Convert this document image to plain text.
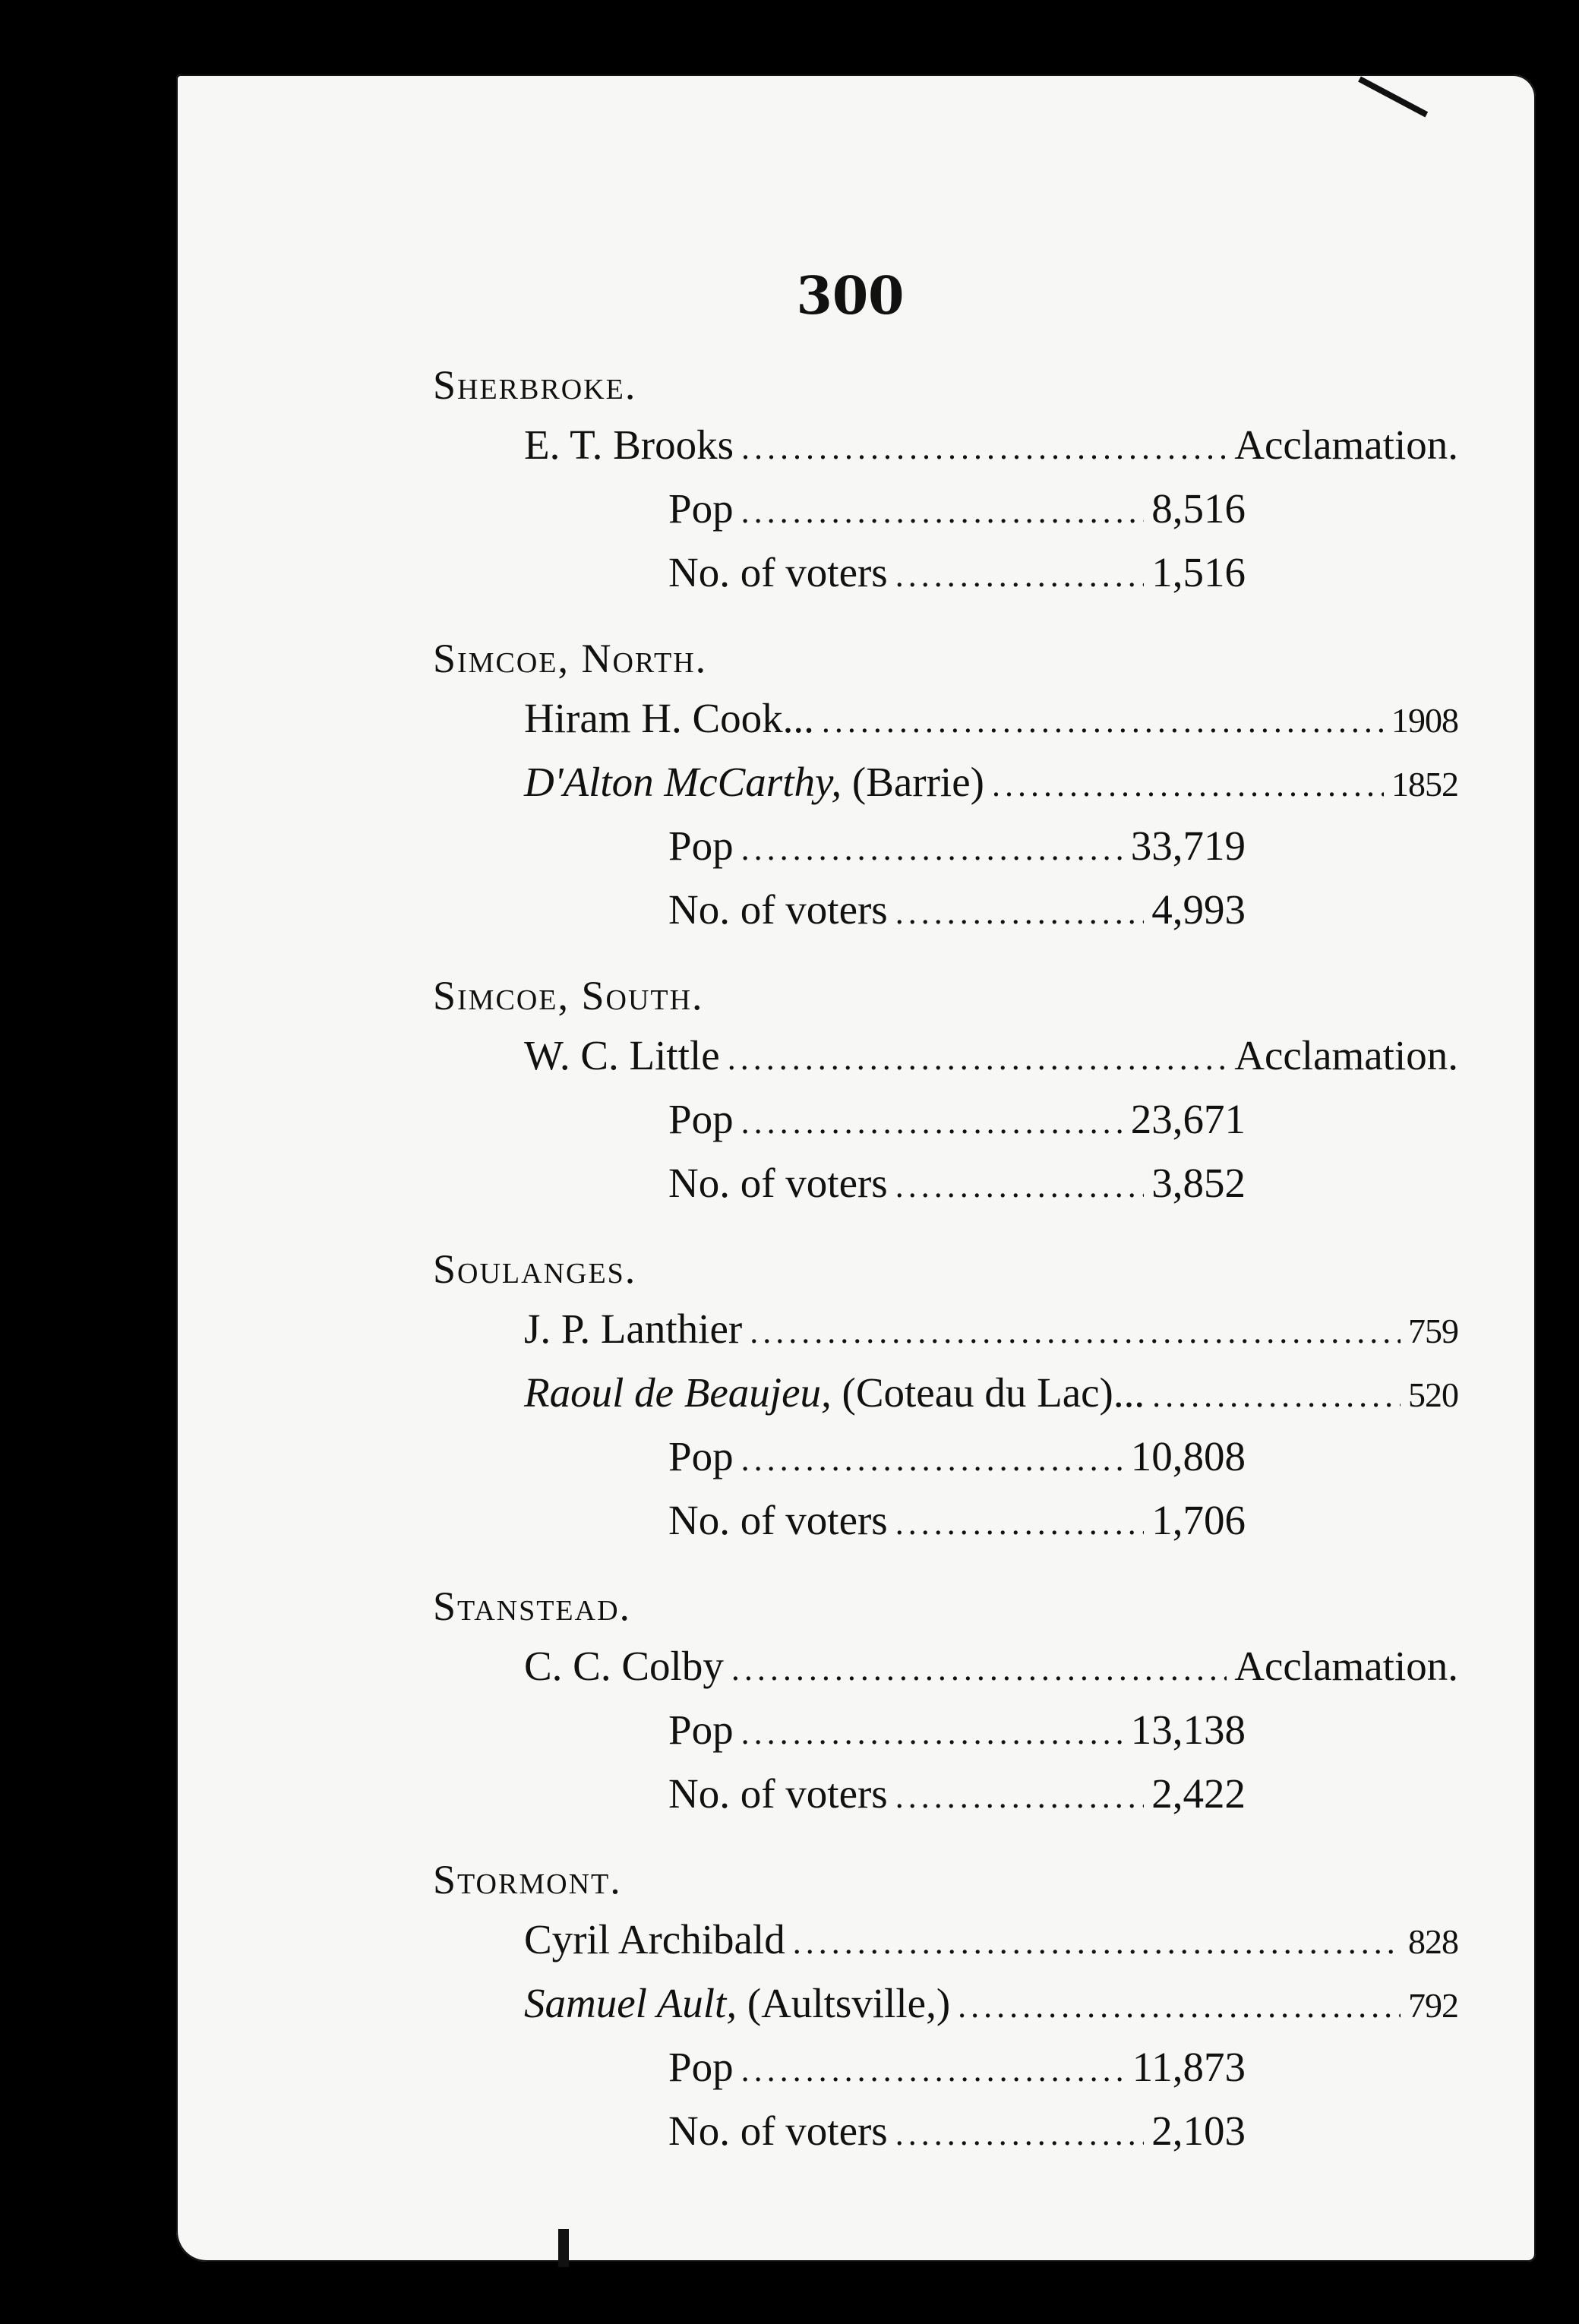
300
Sherbroke.
E. T. Brooks .....	Acclamation.
Pop .....	8,516
No. of voters .....	1,516
Simcoe, North.
Hiram H. Cook... .....	1908
D'Alton McCarthy, (Barrie) .....	1852
Pop .....	33,719
No. of voters .....	4,993
Simcoe, South.
W. C. Little .....	Acclamation.
Pop .....	23,671
No. of voters .....	3,852
Soulanges.
J. P. Lanthier .....	759
Raoul de Beaujeu, (Coteau du Lac)... .....	520
Pop .....	10,808
No. of voters .....	1,706
Stanstead.
C. C. Colby .....	Acclamation.
Pop .....	13,138
No. of voters .....	2,422
Stormont.
Cyril Archibald .....	828
Samuel Ault, (Aultsville,) .....	792
Pop .....	11,873
No. of voters .....	2,103
